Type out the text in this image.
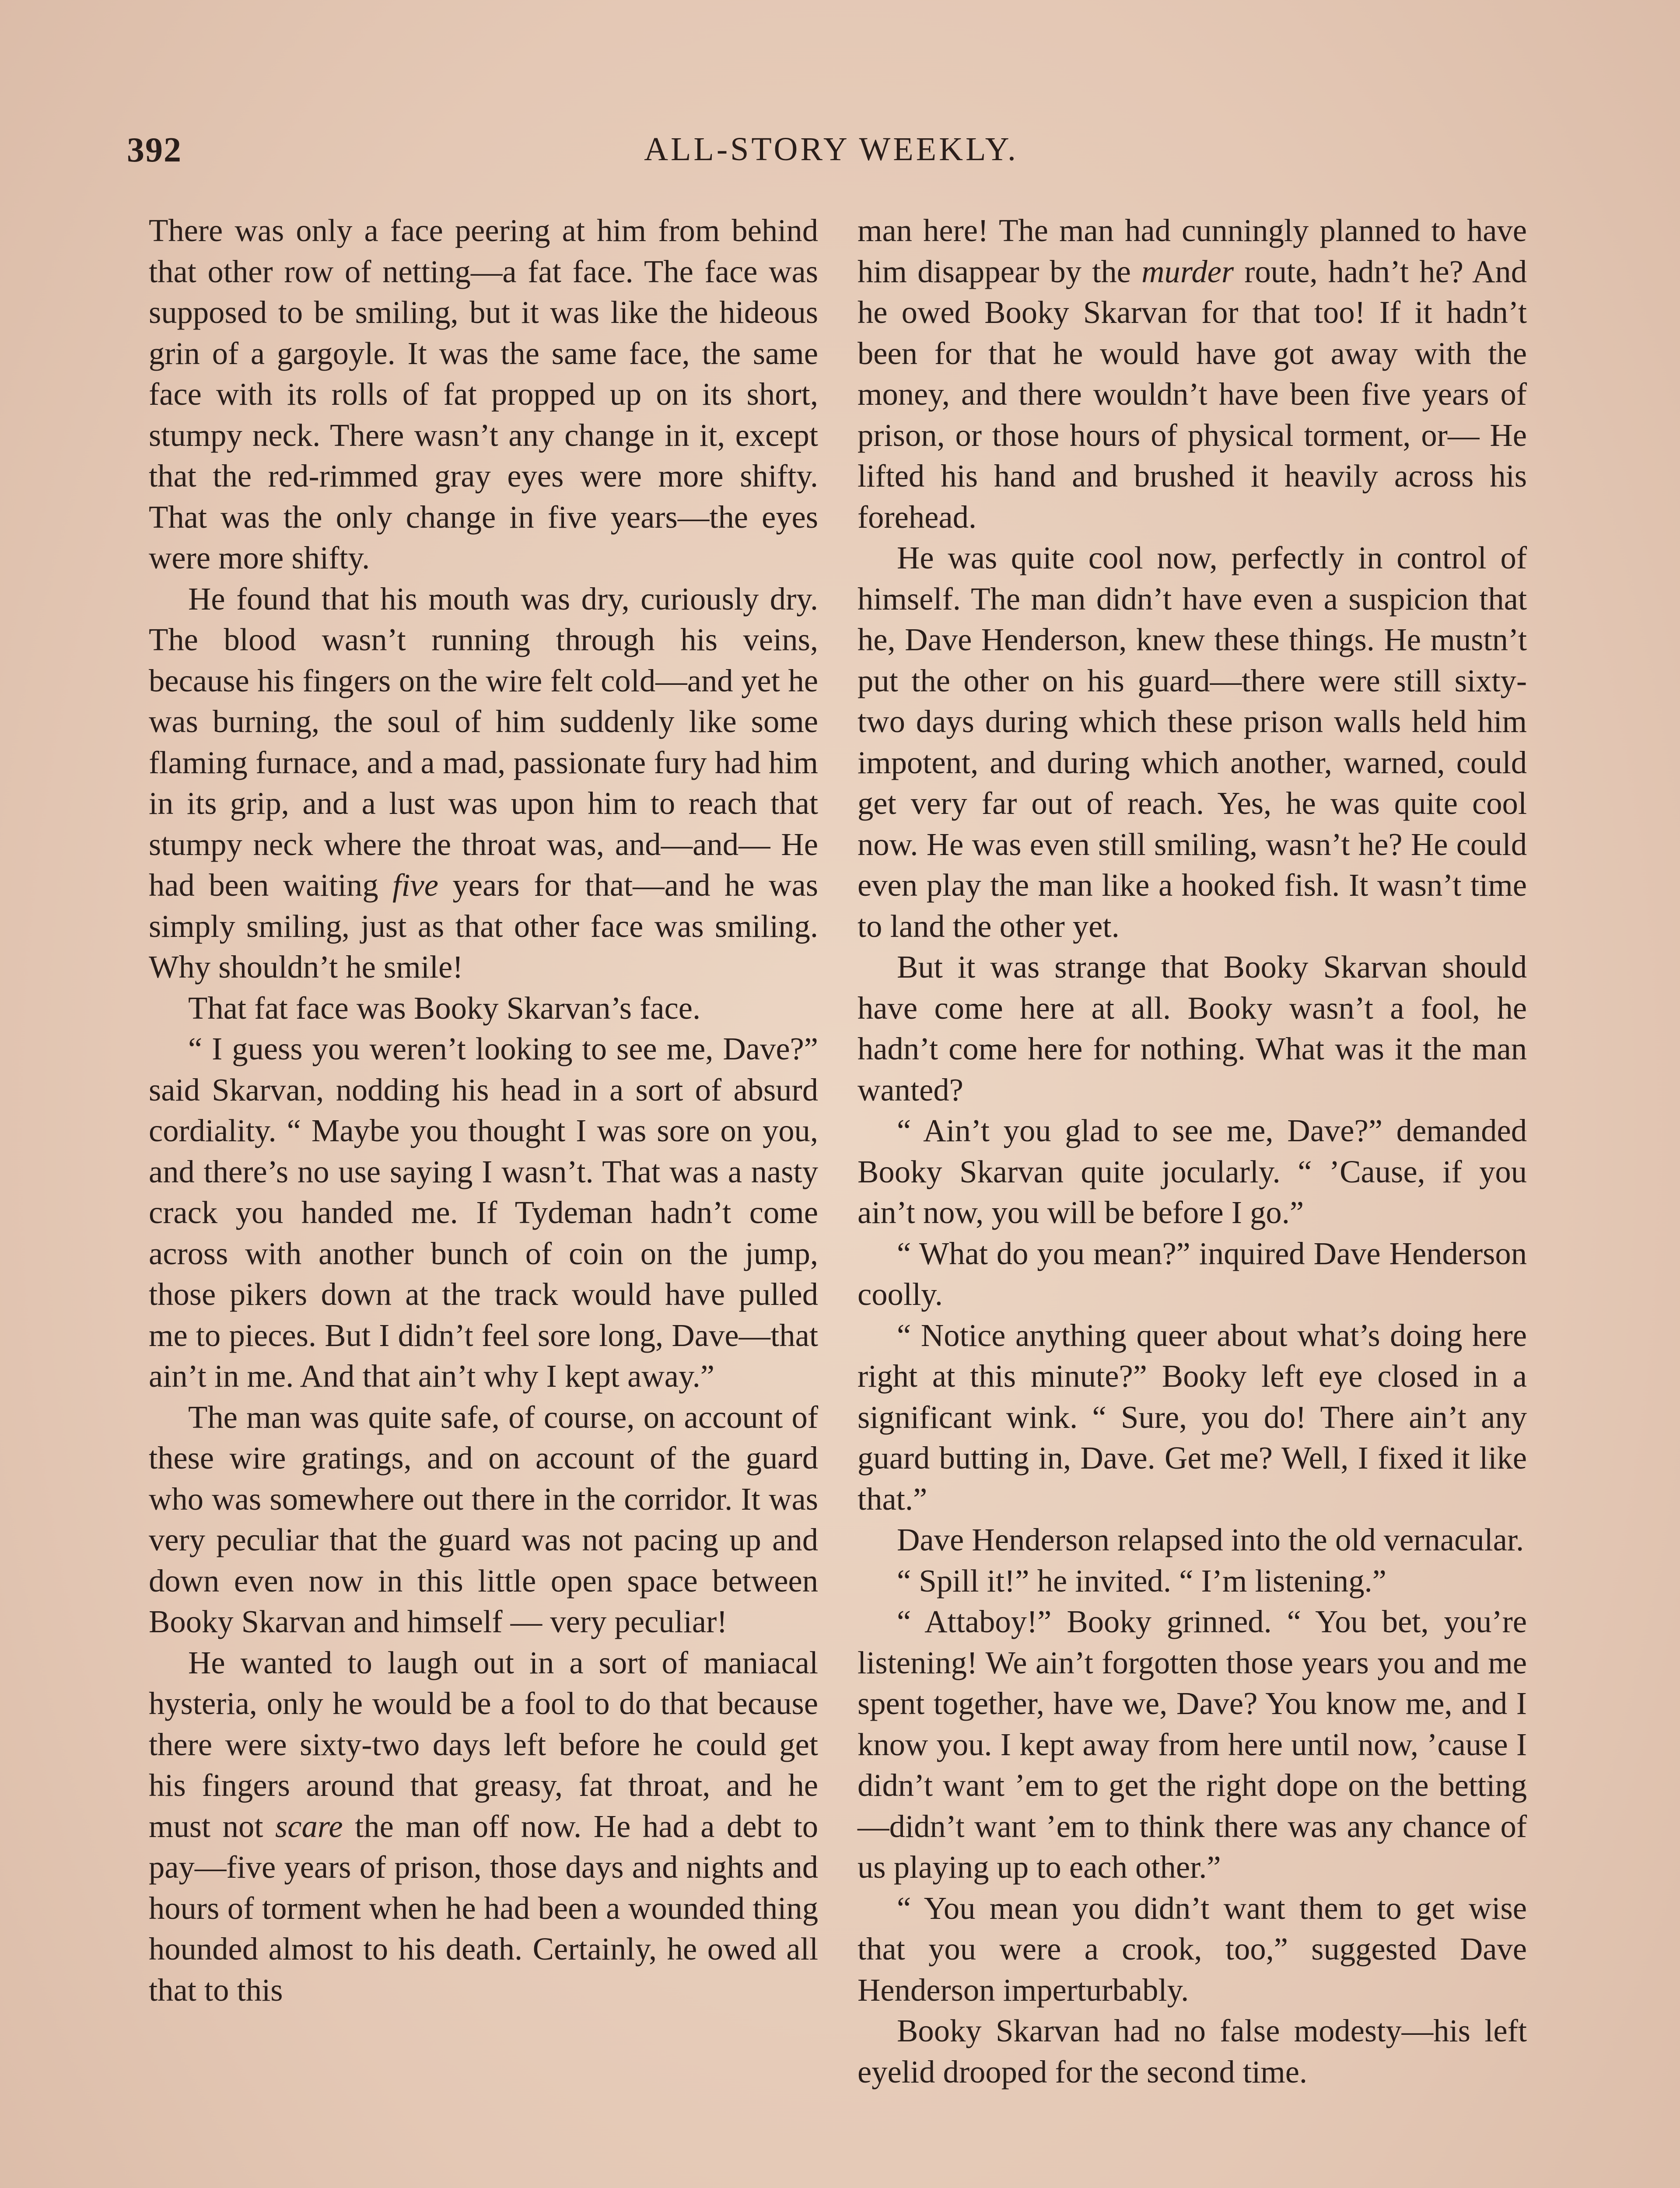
392	ALL-STORY WEEKLY.

There was only a face peering at him from behind that other row of netting—a fat face. The face was supposed to be smiling, but it was like the hideous grin of a gargoyle. It was the same face, the same face with its rolls of fat propped up on its short, stumpy neck. There wasn’t any change in it, except that the red-rimmed gray eyes were more shifty. That was the only change in five years—the eyes were more shifty.

He found that his mouth was dry, curiously dry. The blood wasn’t running through his veins, because his fingers on the wire felt cold—and yet he was burning, the soul of him suddenly like some flaming furnace, and a mad, passionate fury had him in its grip, and a lust was upon him to reach that stumpy neck where the throat was, and—and— He had been waiting five years for that—and he was simply smiling, just as that other face was smiling. Why shouldn’t he smile!

That fat face was Booky Skarvan’s face.

“ I guess you weren’t looking to see me, Dave?” said Skarvan, nodding his head in a sort of absurd cordiality. “ Maybe you thought I was sore on you, and there’s no use saying I wasn’t. That was a nasty crack you handed me. If Tydeman hadn’t come across with another bunch of coin on the jump, those pikers down at the track would have pulled me to pieces. But I didn’t feel sore long, Dave—that ain’t in me. And that ain’t why I kept away.”

The man was quite safe, of course, on account of these wire gratings, and on account of the guard who was somewhere out there in the corridor. It was very peculiar that the guard was not pacing up and down even now in this little open space between Booky Skarvan and himself — very peculiar!

He wanted to laugh out in a sort of maniacal hysteria, only he would be a fool to do that because there were sixty-two days left before he could get his fingers around that greasy, fat throat, and he must not scare the man off now. He had a debt to pay—five years of prison, those days and nights and hours of torment when he had been a wounded thing hounded almost to his death. Certainly, he owed all that to this

man here! The man had cunningly planned to have him disappear by the murder route, hadn’t he? And he owed Booky Skarvan for that too! If it hadn’t been for that he would have got away with the money, and there wouldn’t have been five years of prison, or those hours of physical torment, or— He lifted his hand and brushed it heavily across his forehead.

He was quite cool now, perfectly in control of himself. The man didn’t have even a suspicion that he, Dave Henderson, knew these things. He mustn’t put the other on his guard—there were still sixty-two days during which these prison walls held him impotent, and during which another, warned, could get very far out of reach. Yes, he was quite cool now. He was even still smiling, wasn’t he? He could even play the man like a hooked fish. It wasn’t time to land the other yet.

But it was strange that Booky Skarvan should have come here at all. Booky wasn’t a fool, he hadn’t come here for nothing. What was it the man wanted?

“ Ain’t you glad to see me, Dave?” demanded Booky Skarvan quite jocularly. “ ’Cause, if you ain’t now, you will be before I go.”

“ What do you mean?” inquired Dave Henderson coolly.

“ Notice anything queer about what’s doing here right at this minute?” Booky left eye closed in a significant wink. “ Sure, you do! There ain’t any guard butting in, Dave. Get me? Well, I fixed it like that.”

Dave Henderson relapsed into the old vernacular.

“ Spill it!” he invited. “ I’m listening.”

“ Attaboy!” Booky grinned. “ You bet, you’re listening! We ain’t forgotten those years you and me spent together, have we, Dave? You know me, and I know you. I kept away from here until now, ’cause I didn’t want ’em to get the right dope on the betting—didn’t want ’em to think there was any chance of us playing up to each other.”

“ You mean you didn’t want them to get wise that you were a crook, too,” suggested Dave Henderson imperturbably.

Booky Skarvan had no false modesty—his left eyelid drooped for the second time.
